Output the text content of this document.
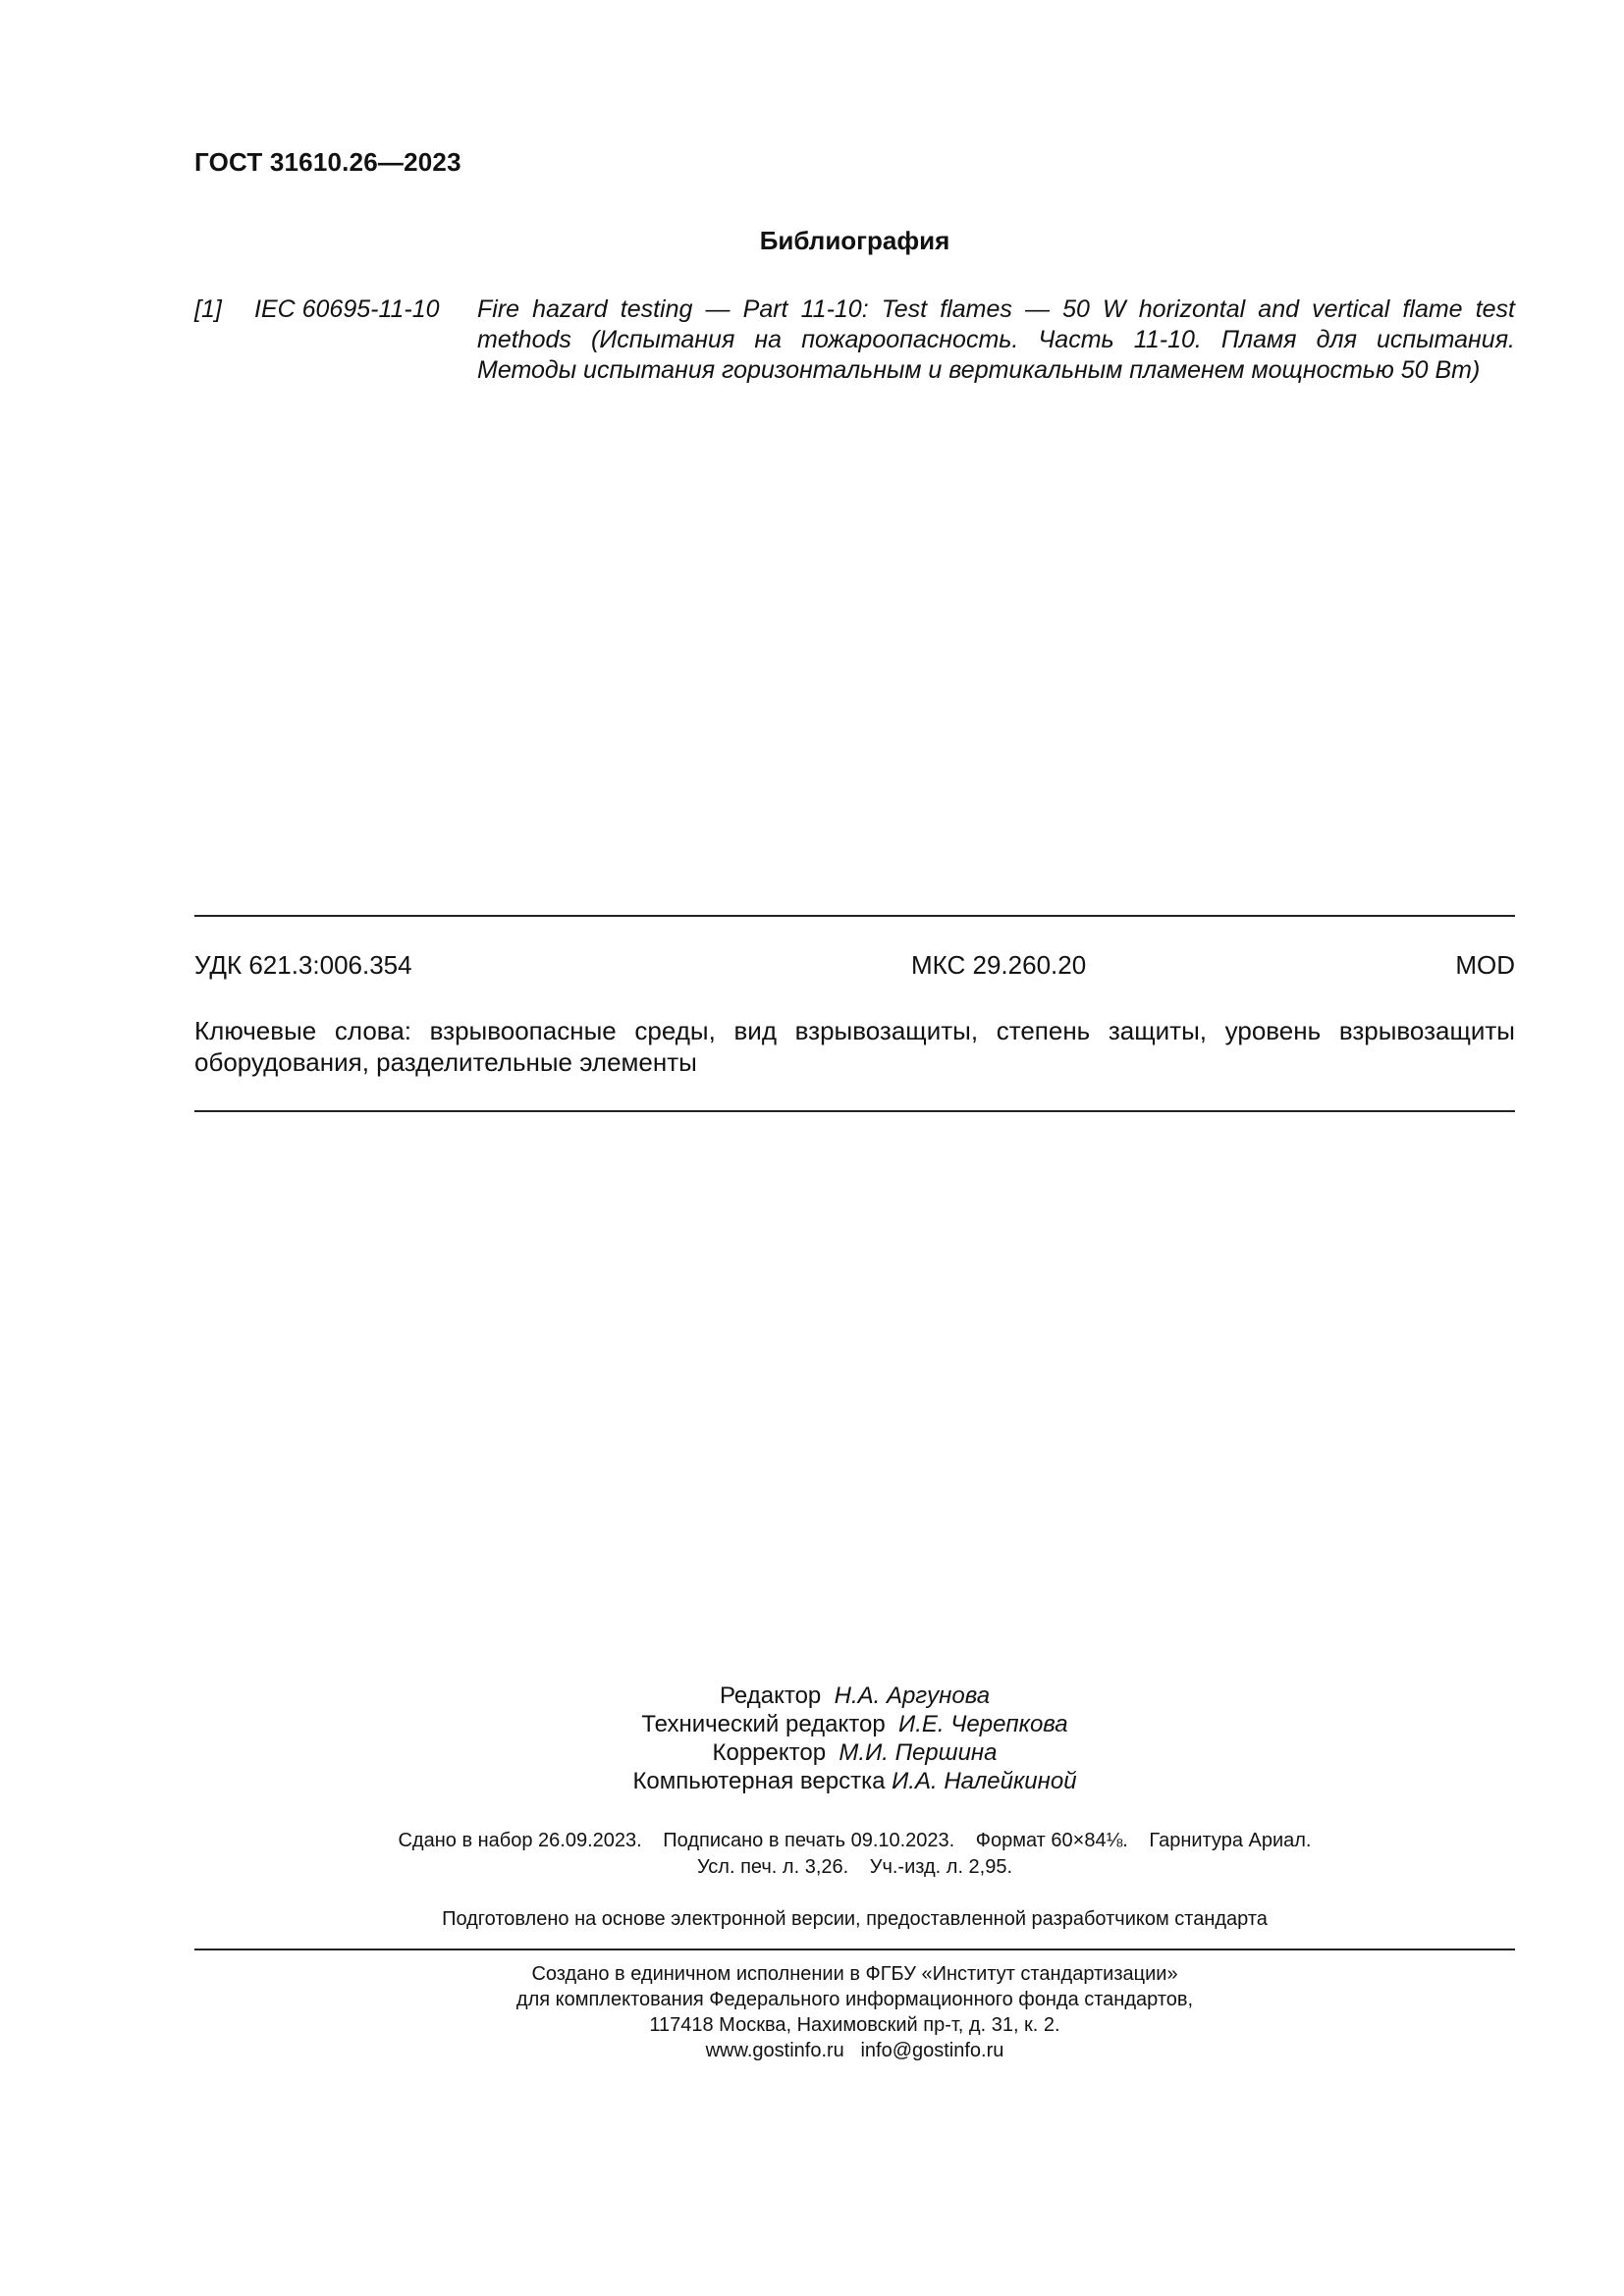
ГОСТ 31610.26—2023
Библиография
[1] IEC 60695-11-10 Fire hazard testing — Part 11-10: Test flames — 50 W horizontal and vertical flame test methods (Испытания на пожароопасность. Часть 11-10. Пламя для испытания. Методы испытания горизонтальным и вертикальным пламенем мощностью 50 Вт)
УДК 621.3:006.354	МКС 29.260.20	MOD
Ключевые слова: взрывоопасные среды, вид взрывозащиты, степень защиты, уровень взрывозащиты
оборудования, разделительные элементы
Редактор Н.А. Аргунова
Технический редактор И.Е. Черепкова
Корректор М.И. Першина
Компьютерная верстка И.А. Налейкиной
Сдано в набор 26.09.2023. Подписано в печать 09.10.2023. Формат 60×84⅛. Гарнитура Ариал.
Усл. печ. л. 3,26. Уч.-изд. л. 2,95.
Подготовлено на основе электронной версии, предоставленной разработчиком стандарта
Создано в единичном исполнении в ФГБУ «Институт стандартизации»
для комплектования Федерального информационного фонда стандартов,
117418 Москва, Нахимовский пр-т, д. 31, к. 2.
www.gostinfo.ru info@gostinfo.ru
